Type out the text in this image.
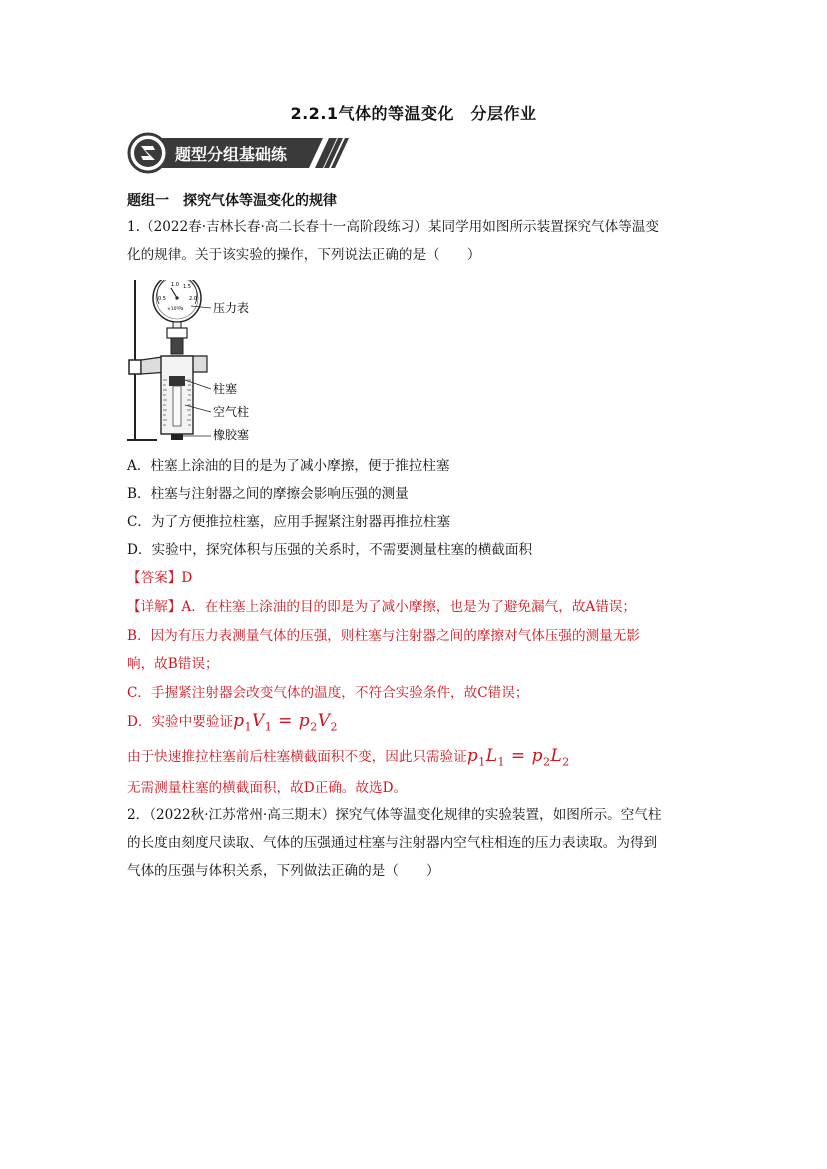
2.2.1气体的等温变化　分层作业
题型分组基础练
题组一　探究气体等温变化的规律
1.（2022春·吉林长春·高二长春十一高阶段练习）某同学用如图所示装置探究气体等温变
化的规律。关于该实验的操作，下列说法正确的是（　　）
1.0 1.5
2.0
0.5
×10⁵Pa 压力表
柱塞
空气柱
橡胶塞
A．柱塞上涂油的目的是为了减小摩擦，便于推拉柱塞
B．柱塞与注射器之间的摩擦会影响压强的测量
C．为了方便推拉柱塞，应用手握紧注射器再推拉柱塞
D．实验中，探究体积与压强的关系时，不需要测量柱塞的横截面积
【答案】D
【详解】A．在柱塞上涂油的目的即是为了减小摩擦，也是为了避免漏气，故A错误；
B．因为有压力表测量气体的压强，则柱塞与注射器之间的摩擦对气体压强的测量无影
响，故B错误；
C．手握紧注射器会改变气体的温度，不符合实验条件，故C错误；
D．实验中要验证$p_1V_1 = p_2V_2$
由于快速推拉柱塞前后柱塞横截面积不变，因此只需验证$p_1L_1 = p_2L_2$
无需测量柱塞的横截面积，故D正确。故选D。
2．（2022秋·江苏常州·高三期末）探究气体等温变化规律的实验装置，如图所示。空气柱
的长度由刻度尺读取、气体的压强通过柱塞与注射器内空气柱相连的压力表读取。为得到
气体的压强与体积关系，下列做法正确的是（　　）
